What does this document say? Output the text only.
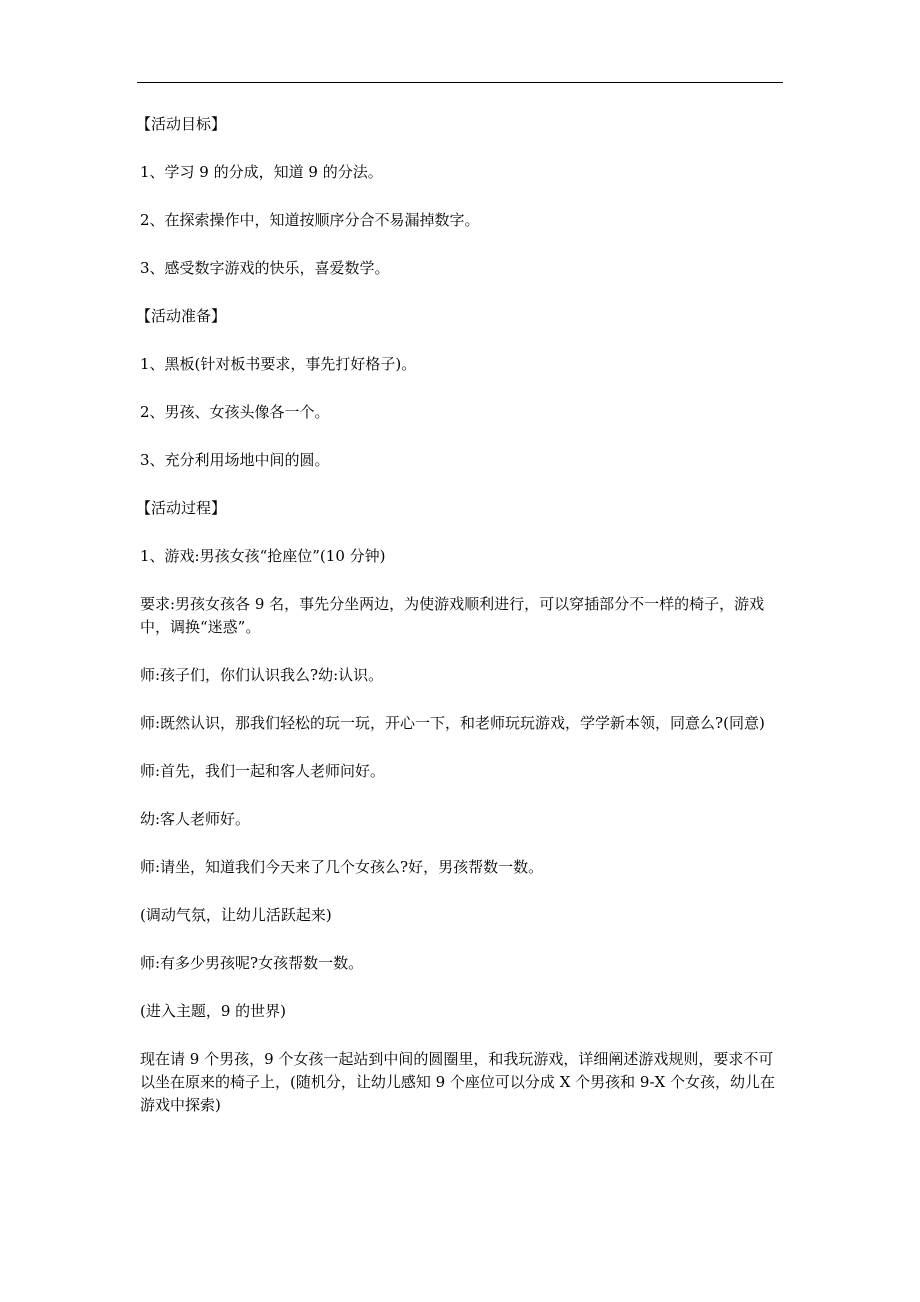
【活动目标】

1、学习 9 的分成，知道 9 的分法。

2、在探索操作中，知道按顺序分合不易漏掉数字。

3、感受数字游戏的快乐，喜爱数学。

【活动准备】

1、黑板(针对板书要求，事先打好格子)。

2、男孩、女孩头像各一个。

3、充分利用场地中间的圆。

【活动过程】

1、游戏:男孩女孩“抢座位”(10 分钟)

要求:男孩女孩各 9 名，事先分坐两边，为使游戏顺利进行，可以穿插部分不一样的椅子，游戏中，调换“迷惑”。

师:孩子们，你们认识我么?幼:认识。

师:既然认识，那我们轻松的玩一玩，开心一下，和老师玩玩游戏，学学新本领，同意么?(同意)

师:首先，我们一起和客人老师问好。

幼:客人老师好。

师:请坐，知道我们今天来了几个女孩么?好，男孩帮数一数。

(调动气氛，让幼儿活跃起来)

师:有多少男孩呢?女孩帮数一数。

(进入主题，9 的世界)

现在请 9 个男孩，9 个女孩一起站到中间的圆圈里，和我玩游戏，详细阐述游戏规则，要求不可以坐在原来的椅子上，(随机分，让幼儿感知 9 个座位可以分成 X 个男孩和 9-X 个女孩，幼儿在游戏中探索)
